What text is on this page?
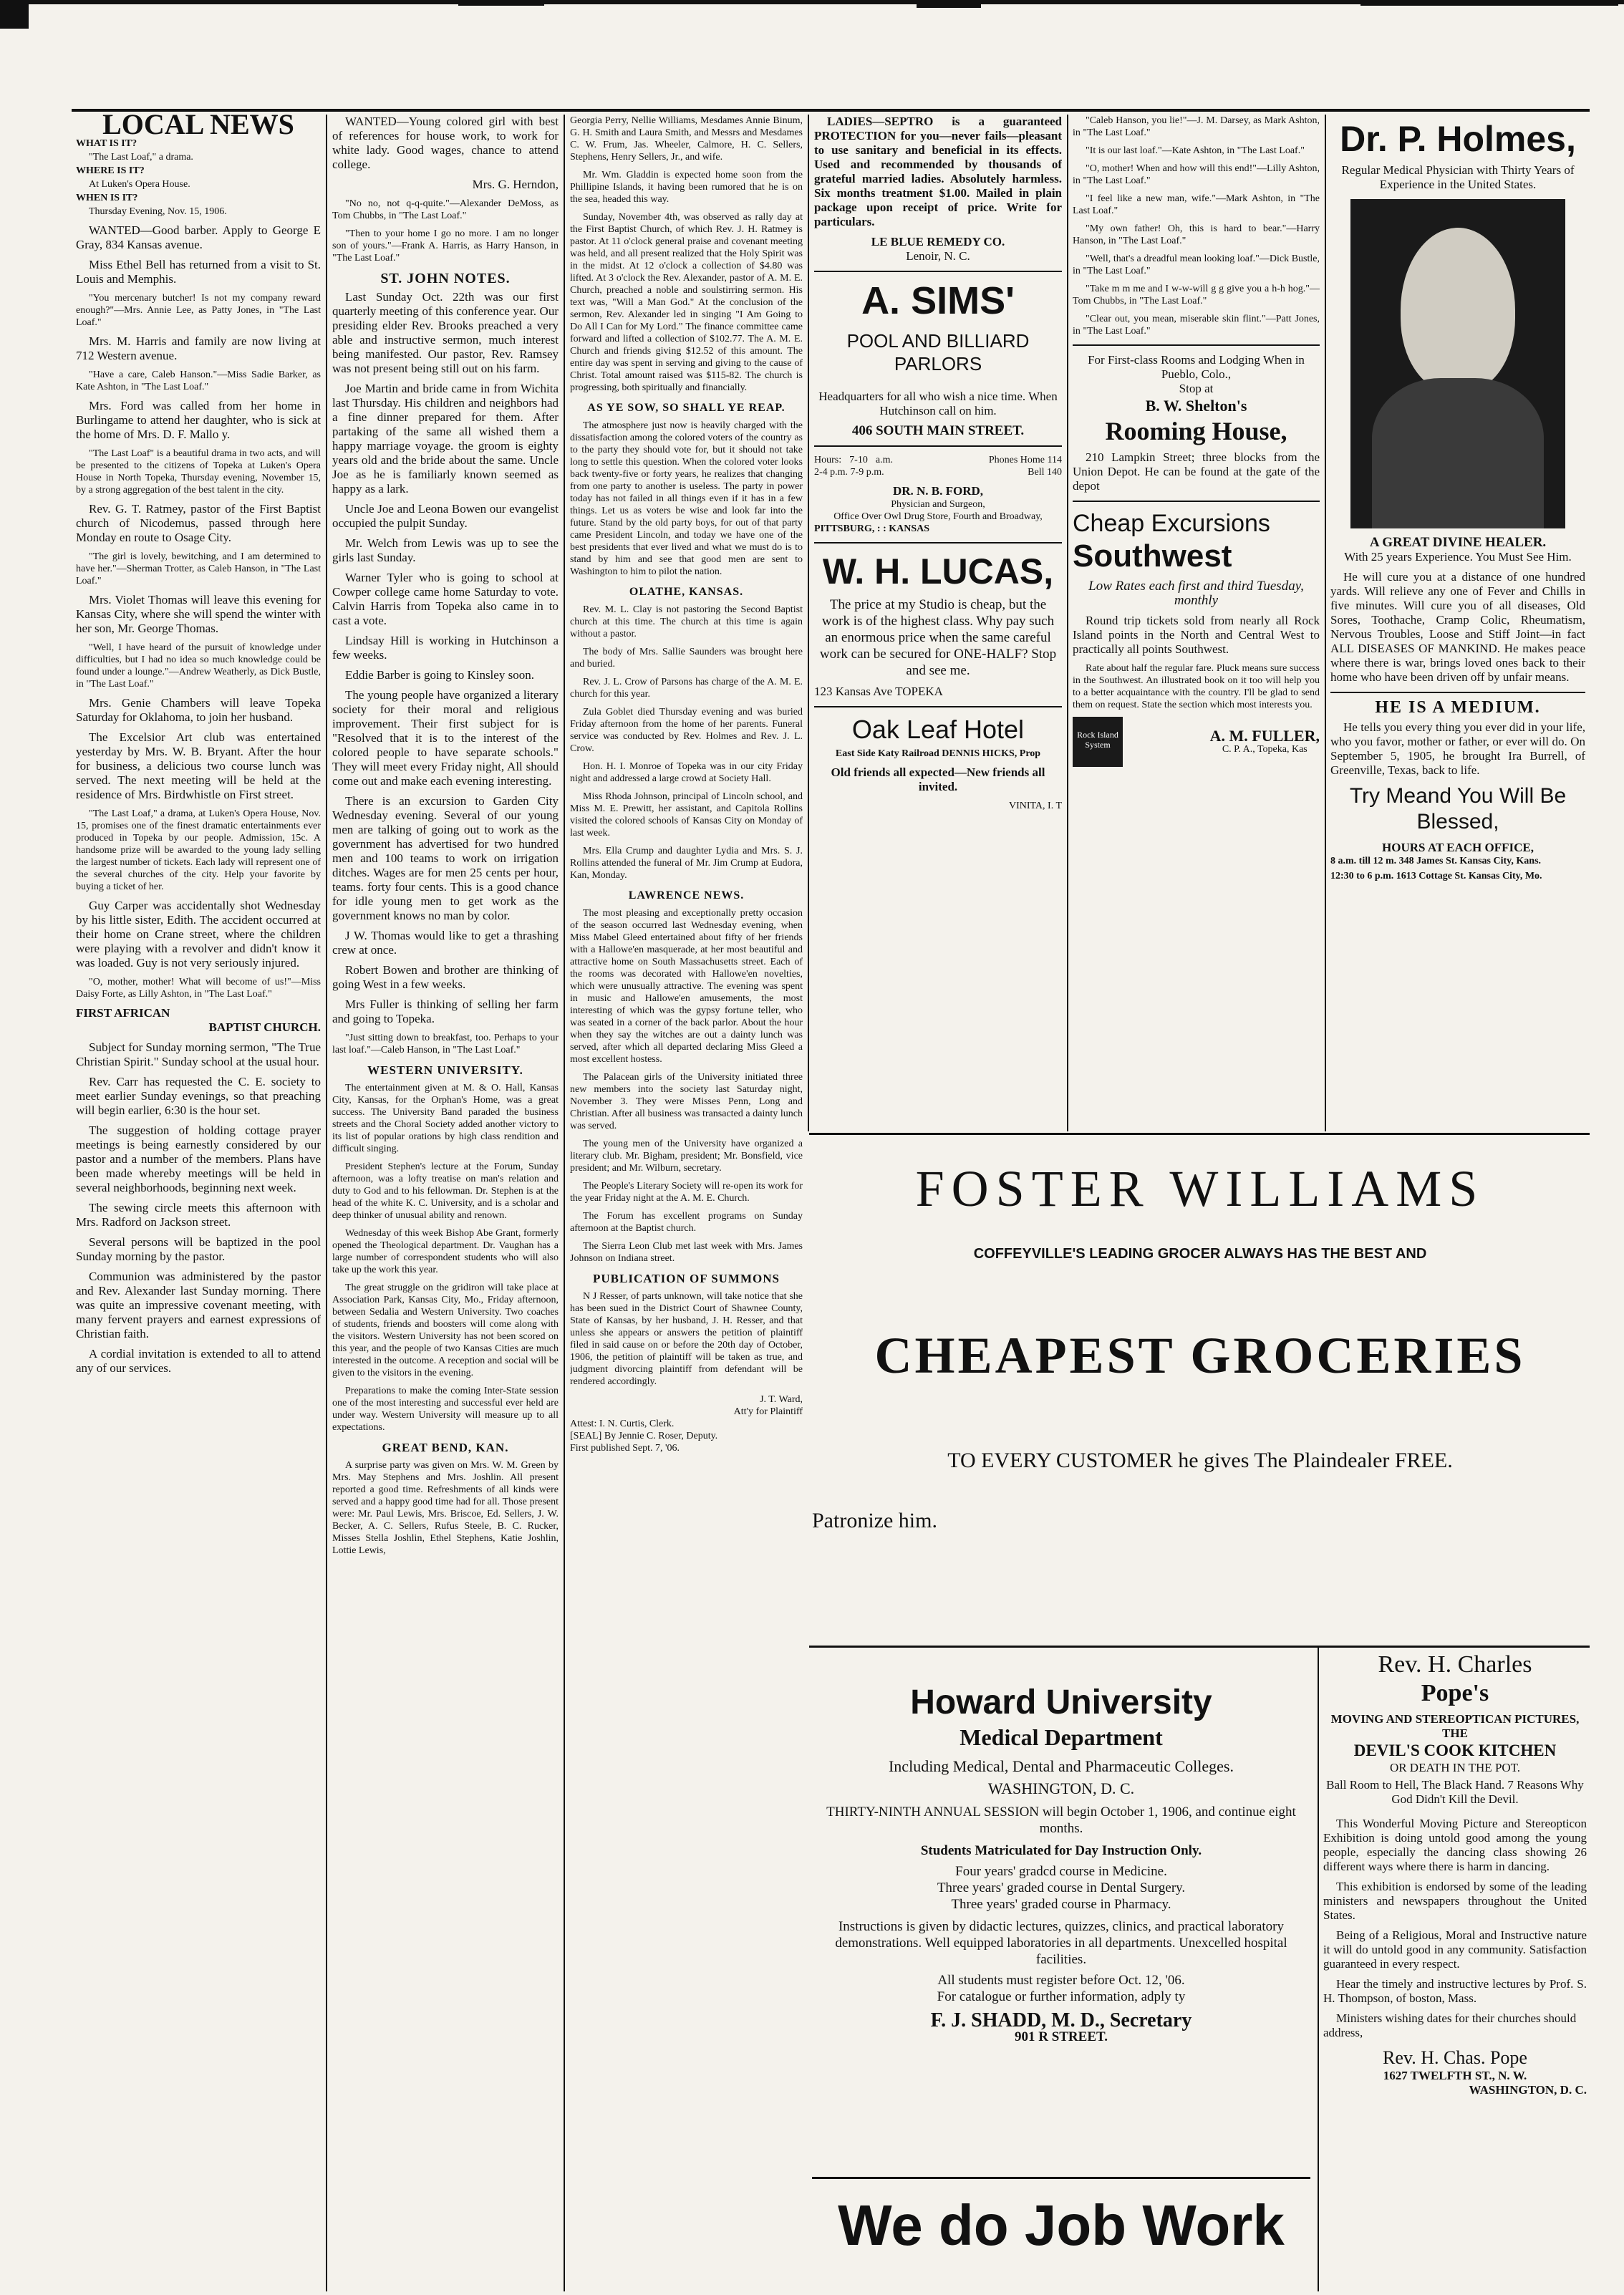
LOCAL NEWS

WHAT IS IT?

"The Last Loaf," a drama.

WHERE IS IT?

At Luken's Opera House.

WHEN IS IT?

Thursday Evening, Nov. 15, 1906.

WANTED—Good barber. Apply to George E Gray, 834 Kansas avenue.

Miss Ethel Bell has returned from a visit to St. Louis and Memphis.

"You mercenary butcher! Is not my company reward enough?"—Mrs. Annie Lee, as Patty Jones, in "The Last Loaf."

Mrs. M. Harris and family are now living at 712 Western avenue.

"Have a care, Caleb Hanson."—Miss Sadie Barker, as Kate Ashton, in "The Last Loaf."

Mrs. Ford was called from her home in Burlingame to attend her daughter, who is sick at the home of Mrs. D. F. Mallo y.

"The Last Loaf" is a beautiful drama in two acts, and will be presented to the citizens of Topeka at Luken's Opera House in North Topeka, Thursday evening, November 15, by a strong aggregation of the best talent in the city.

Rev. G. T. Ratmey, pastor of the First Baptist church of Nicodemus, passed through here Monday en route to Osage City.

"The girl is lovely, bewitching, and I am determined to have her."—Sherman Trotter, as Caleb Hanson, in "The Last Loaf."

Mrs. Violet Thomas will leave this evening for Kansas City, where she will spend the winter with her son, Mr. George Thomas.

"Well, I have heard of the pursuit of knowledge under difficulties, but I had no idea so much knowledge could be found under a lounge."—Andrew Weatherly, as Dick Bustle, in "The Last Loaf."

Mrs. Genie Chambers will leave Topeka Saturday for Oklahoma, to join her husband.

The Excelsior Art club was entertained yesterday by Mrs. W. B. Bryant. After the hour for business, a delicious two course lunch was served. The next meeting will be held at the residence of Mrs. Birdwhistle on First street.

"The Last Loaf," a drama, at Luken's Opera House, Nov. 15, promises one of the finest dramatic entertainments ever produced in Topeka by our people. Admission, 15c. A handsome prize will be awarded to the young lady selling the largest number of tickets. Each lady will represent one of the several churches of the city. Help your favorite by buying a ticket of her.

Guy Carper was accidentally shot Wednesday by his little sister, Edith. The accident occurred at their home on Crane street, where the children were playing with a revolver and didn't know it was loaded. Guy is not very seriously injured.

"O, mother, mother! What will become of us!"—Miss Daisy Forte, as Lilly Ashton, in "The Last Loaf."

FIRST AFRICAN

BAPTIST CHURCH.

Subject for Sunday morning sermon, "The True Christian Spirit." Sunday school at the usual hour.

Rev. Carr has requested the C. E. society to meet earlier Sunday evenings, so that preaching will begin earlier, 6:30 is the hour set.

The suggestion of holding cottage prayer meetings is being earnestly considered by our pastor and a number of the members. Plans have been made whereby meetings will be held in several neighborhoods, beginning next week.

The sewing circle meets this afternoon with Mrs. Radford on Jackson street.

Several persons will be baptized in the pool Sunday morning by the pastor.

Communion was administered by the pastor and Rev. Alexander last Sunday morning. There was quite an impressive covenant meeting, with many fervent prayers and earnest expressions of Christian faith.

A cordial invitation is extended to all to attend any of our services.

WANTED—Young colored girl with best of references for house work, to work for white lady. Good wages, chance to attend college.

Mrs. G. Herndon,

"No no, not q-q-quite."—Alexander DeMoss, as Tom Chubbs, in "The Last Loaf."

"Then to your home I go no more. I am no longer son of yours."—Frank A. Harris, as Harry Hanson, in "The Last Loaf."

ST. JOHN NOTES.

Last Sunday Oct. 22th was our first quarterly meeting of this conference year. Our presiding elder Rev. Brooks preached a very able and instructive sermon, much interest being manifested. Our pastor, Rev. Ramsey was not present being still out on his farm.

Joe Martin and bride came in from Wichita last Thursday. His children and neighbors had a fine dinner prepared for them. After partaking of the same all wished them a happy marriage voyage. the groom is eighty years old and the bride about the same. Uncle Joe as he is familiarly known seemed as happy as a lark.

Uncle Joe and Leona Bowen our evangelist occupied the pulpit Sunday.

Mr. Welch from Lewis was up to see the girls last Sunday.

Warner Tyler who is going to school at Cowper college came home Saturday to vote. Calvin Harris from Topeka also came in to cast a vote.

Lindsay Hill is working in Hutchinson a few weeks.

Eddie Barber is going to Kinsley soon.

The young people have organized a literary society for their moral and religious improvement. Their first subject for is "Resolved that it is to the interest of the colored people to have separate schools." They will meet every Friday night, All should come out and make each evening interesting.

There is an excursion to Garden City Wednesday evening. Several of our young men are talking of going out to work as the government has advertised for two hundred men and 100 teams to work on irrigation ditches. Wages are for men 25 cents per hour, teams. forty four cents. This is a good chance for idle young men to get work as the government knows no man by color.

J W. Thomas would like to get a thrashing crew at once.

Robert Bowen and brother are thinking of going West in a few weeks.

Mrs Fuller is thinking of selling her farm and going to Topeka.

"Just sitting down to breakfast, too. Perhaps to your last loaf."—Caleb Hanson, in "The Last Loaf."

WESTERN UNIVERSITY.

The entertainment given at M. & O. Hall, Kansas City, Kansas, for the Orphan's Home, was a great success. The University Band paraded the business streets and the Choral Society added another victory to its list of popular orations by high class rendition and difficult singing.

President Stephen's lecture at the Forum, Sunday afternoon, was a lofty treatise on man's relation and duty to God and to his fellowman. Dr. Stephen is at the head of the white K. C. University, and is a scholar and deep thinker of unusual ability and renown.

Wednesday of this week Bishop Abe Grant, formerly opened the Theological department. Dr. Vaughan has a large number of correspondent students who will also take up the work this year.

The great struggle on the gridiron will take place at Association Park, Kansas City, Mo., Friday afternoon, between Sedalia and Western University. Two coaches of students, friends and boosters will come along with the visitors. Western University has not been scored on this year, and the people of two Kansas Cities are much interested in the outcome. A reception and social will be given to the visitors in the evening.

Preparations to make the coming Inter-State session one of the most interesting and successful ever held are under way. Western University will measure up to all expectations.

GREAT BEND, KAN.

A surprise party was given on Mrs. W. M. Green by Mrs. May Stephens and Mrs. Joshlin. All present reported a good time. Refreshments of all kinds were served and a happy good time had for all. Those present were: Mr. Paul Lewis, Mrs. Briscoe, Ed. Sellers, J. W. Becker, A. C. Sellers, Rufus Steele, B. C. Rucker, Misses Stella Joshlin, Ethel Stephens, Katie Joshlin, Lottie Lewis,

Georgia Perry, Nellie Williams, Mesdames Annie Binum, G. H. Smith and Laura Smith, and Messrs and Mesdames C. W. Frum, Jas. Wheeler, Calmore, H. C. Sellers, Stephens, Henry Sellers, Jr., and wife.

Mr. Wm. Gladdin is expected home soon from the Phillipine Islands, it having been rumored that he is on the sea, headed this way.

Sunday, November 4th, was observed as rally day at the First Baptist Church, of which Rev. J. H. Ratmey is pastor. At 11 o'clock general praise and covenant meeting was held, and all present realized that the Holy Spirit was in the midst. At 12 o'clock a collection of $4.80 was lifted. At 3 o'clock the Rev. Alexander, pastor of A. M. E. Church, preached a noble and soulstirring sermon. His text was, "Will a Man God." At the conclusion of the sermon, Rev. Alexander led in singing "I Am Going to Do All I Can for My Lord." The finance committee came forward and lifted a collection of $102.77. The A. M. E. Church and friends giving $12.52 of this amount. The entire day was spent in serving and giving to the cause of Christ. Total amount raised was $115-82. The church is progressing, both spiritually and financially.

AS YE SOW, SO SHALL YE REAP.

The atmosphere just now is heavily charged with the dissatisfaction among the colored voters of the country as to the party they should vote for, but it should not take long to settle this question. When the colored voter looks back twenty-five or forty years, he realizes that changing from one party to another is useless. The party in power today has not failed in all things even if it has in a few things. Let us as voters be wise and look far into the future. Stand by the old party boys, for out of that party came President Lincoln, and today we have one of the best presidents that ever lived and what we must do is to stand by him and see that good men are sent to Washington to him to pilot the nation.

OLATHE, KANSAS.

Rev. M. L. Clay is not pastoring the Second Baptist church at this time. The church at this time is again without a pastor.

The body of Mrs. Sallie Saunders was brought here and buried.

Rev. J. L. Crow of Parsons has charge of the A. M. E. church for this year.

Zula Goblet died Thursday evening and was buried Friday afternoon from the home of her parents. Funeral service was conducted by Rev. Holmes and Rev. J. L. Crow.

Hon. H. I. Monroe of Topeka was in our city Friday night and addressed a large crowd at Society Hall.

Miss Rhoda Johnson, principal of Lincoln school, and Miss M. E. Prewitt, her assistant, and Capitola Rollins visited the colored schools of Kansas City on Monday of last week.

Mrs. Ella Crump and daughter Lydia and Mrs. S. J. Rollins attended the funeral of Mr. Jim Crump at Eudora, Kan, Monday.

LAWRENCE NEWS.

The most pleasing and exceptionally pretty occasion of the season occurred last Wednesday evening, when Miss Mabel Gleed entertained about fifty of her friends with a Hallowe'en masquerade, at her most beautiful and attractive home on South Massachusetts street. Each of the rooms was decorated with Hallowe'en novelties, which were unusually attractive. The evening was spent in music and Hallowe'en amusements, the most interesting of which was the gypsy fortune teller, who was seated in a corner of the back parlor. About the hour when they say the witches are out a dainty lunch was served, after which all departed declaring Miss Gleed a most excellent hostess.

The Palacean girls of the University initiated three new members into the society last Saturday night, November 3. They were Misses Penn, Long and Christian. After all business was transacted a dainty lunch was served.

The young men of the University have organized a literary club. Mr. Bigham, president; Mr. Bonsfield, vice president; and Mr. Wilburn, secretary.

The People's Literary Society will re-open its work for the year Friday night at the A. M. E. Church.

The Forum has excellent programs on Sunday afternoon at the Baptist church.

The Sierra Leon Club met last week with Mrs. James Johnson on Indiana street.

PUBLICATION OF SUMMONS

N J Resser, of parts unknown, will take notice that she has been sued in the District Court of Shawnee County, State of Kansas, by her husband, J. H. Resser, and that unless she appears or answers the petition of plaintiff filed in said cause on or before the 20th day of October, 1906, the petition of plaintiff will be taken as true, and judgment divorcing plaintiff from defendant will be rendered accordingly.

J. T. Ward,

Att'y for Plaintiff

Attest: I. N. Curtis, Clerk.

[SEAL] By Jennie C. Roser, Deputy.

First published Sept. 7, '06.

LADIES—SEPTRO is a guaranteed PROTECTION for you—never fails—pleasant to use sanitary and beneficial in its effects. Used and recommended by thousands of grateful married ladies. Absolutely harmless. Six months treatment $1.00. Mailed in plain package upon receipt of price. Write for particulars.

LE BLUE REMEDY CO.

Lenoir, N. C.

A. SIMS'

POOL AND BILLIARD PARLORS

Headquarters for all who wish a nice time. When Hutchinson call on him.

406 SOUTH MAIN STREET.

Hours: 7-10 a.m. 2-4 p.m. 7-9 p.m.

Phones Home 114 Bell 140

DR. N. B. FORD,

Physician and Surgeon,

Office Over Owl Drug Store, Fourth and Broadway,

PITTSBURG, : : KANSAS

W. H. LUCAS,

The price at my Studio is cheap, but the work is of the highest class. Why pay such an enormous price when the same careful work can be secured for ONE-HALF? Stop and see me.

123 Kansas Ave TOPEKA

Oak Leaf Hotel

East Side Katy Railroad DENNIS HICKS, Prop

Old friends all expected—New friends all invited.

VINITA, I. T

"Caleb Hanson, you lie!"—J. M. Darsey, as Mark Ashton, in "The Last Loaf."

"It is our last loaf."—Kate Ashton, in "The Last Loaf."

"O, mother! When and how will this end!"—Lilly Ashton, in "The Last Loaf."

"I feel like a new man, wife."—Mark Ashton, in "The Last Loaf."

"My own father! Oh, this is hard to bear."—Harry Hanson, in "The Last Loaf."

"Well, that's a dreadful mean looking loaf."—Dick Bustle, in "The Last Loaf."

"Take m m me and I w-w-will g g give you a h-h hog."—Tom Chubbs, in "The Last Loaf."

"Clear out, you mean, miserable skin flint."—Patt Jones, in "The Last Loaf."

For First-class Rooms and Lodging When in Pueblo, Colo.,

Stop at

B. W. Shelton's

Rooming House,

210 Lampkin Street; three blocks from the Union Depot. He can be found at the gate of the depot

Cheap Excursions

Southwest

Low Rates each first and third Tuesday, monthly

Round trip tickets sold from nearly all Rock Island points in the North and Central West to practically all points Southwest.

Rate about half the regular fare. Pluck means sure success in the Southwest. An illustrated book on it too will help you to a better acquaintance with the country. I'll be glad to send them on request. State the section which most interests you.

Rock Island System

A. M. FULLER,

C. P. A., Topeka, Kas

Dr. P. Holmes,

Regular Medical Physician with Thirty Years of Experience in the United States.

A GREAT DIVINE HEALER.

With 25 years Experience. You Must See Him.

He will cure you at a distance of one hundred yards. Will relieve any one of Fever and Chills in five minutes. Will cure you of all diseases, Old Sores, Toothache, Cramp Colic, Rheumatism, Nervous Troubles, Loose and Stiff Joint—in fact ALL DISEASES OF MANKIND. He makes peace where there is war, brings loved ones back to their home who have been driven off by unfair means.

HE IS A MEDIUM.

He tells you every thing you ever did in your life, who you favor, mother or father, or ever will do. On September 5, 1905, he brought Ira Burrell, of Greenville, Texas, back to life.

Try Meand You Will Be Blessed,

HOURS AT EACH OFFICE,

8 a.m. till 12 m. 348 James St. Kansas City, Kans.

12:30 to 6 p.m. 1613 Cottage St. Kansas City, Mo.

FOSTER WILLIAMS

COFFEYVILLE'S LEADING GROCER ALWAYS HAS THE BEST AND

CHEAPEST GROCERIES

TO EVERY CUSTOMER he gives The Plaindealer FREE.

Patronize him.

Howard University

Medical Department

Including Medical, Dental and Pharmaceutic Colleges.

WASHINGTON, D. C.

THIRTY-NINTH ANNUAL SESSION will begin October 1, 1906, and continue eight months.

Students Matriculated for Day Instruction Only.

Four years' gradcd course in Medicine.

Three years' graded course in Dental Surgery.

Three years' graded course in Pharmacy.

Instructions is given by didactic lectures, quizzes, clinics, and practical laboratory demonstrations. Well equipped laboratories in all departments. Unexcelled hospital facilities.

All students must register before Oct. 12, '06.

For catalogue or further information, adply ty

F. J. SHADD, M. D., Secretary

901 R STREET.

We do Job Work

Rev. H. Charles

Pope's

MOVING AND STEREOPTICAN PICTURES, THE

DEVIL'S COOK KITCHEN

OR DEATH IN THE POT.

Ball Room to Hell, The Black Hand. 7 Reasons Why God Didn't Kill the Devil.

This Wonderful Moving Picture and Stereopticon Exhibition is doing untold good among the young people, especially the dancing class showing 26 different ways where there is harm in dancing.

This exhibition is endorsed by some of the leading ministers and newspapers throughout the United States.

Being of a Religious, Moral and Instructive nature it will do untold good in any community. Satisfaction guaranteed in every respect.

Hear the timely and instructive lectures by Prof. S. H. Thompson, of boston, Mass.

Ministers wishing dates for their churches should address,

Rev. H. Chas. Pope

1627 TWELFTH ST., N. W.

WASHINGTON, D. C.
